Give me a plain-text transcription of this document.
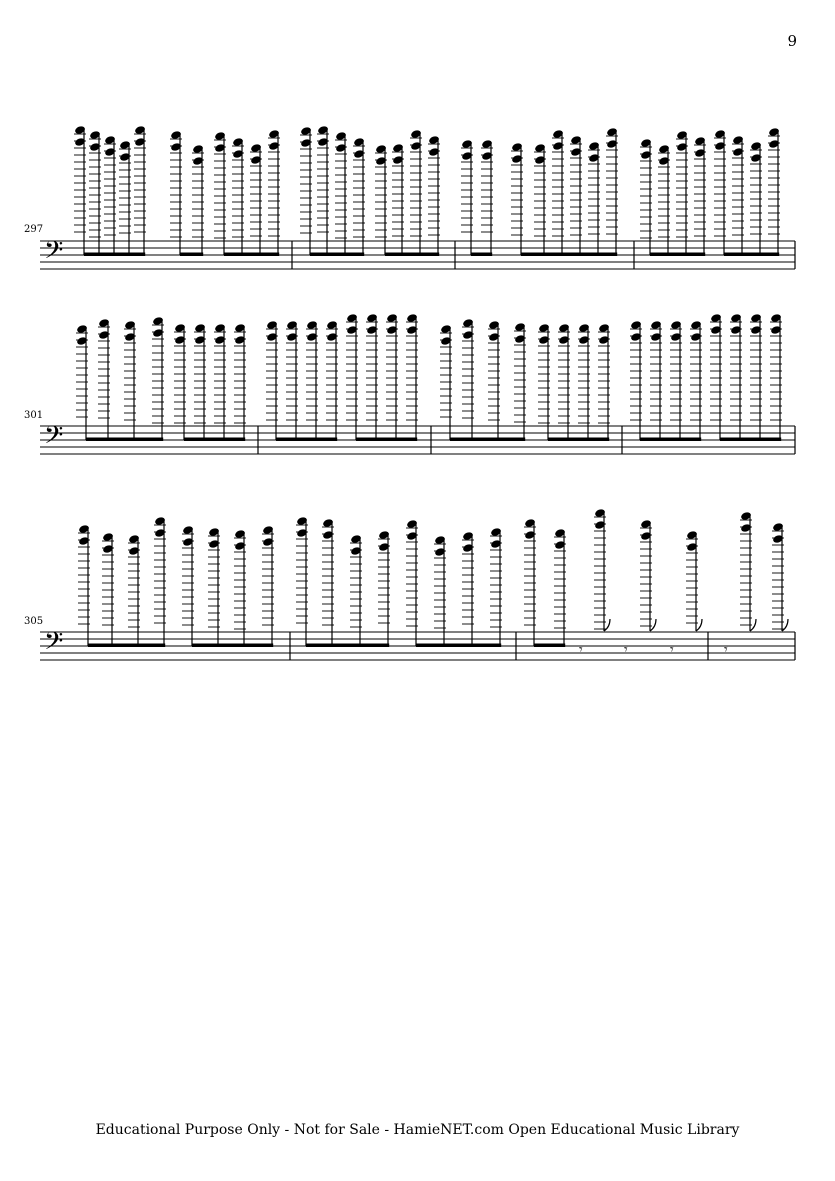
9
297
𝄢
301
𝄢
305
𝄢	𝄾	𝄾	𝄾	𝄾
Educational Purpose Only - Not for Sale - HamieNET.com Open Educational Music Library
